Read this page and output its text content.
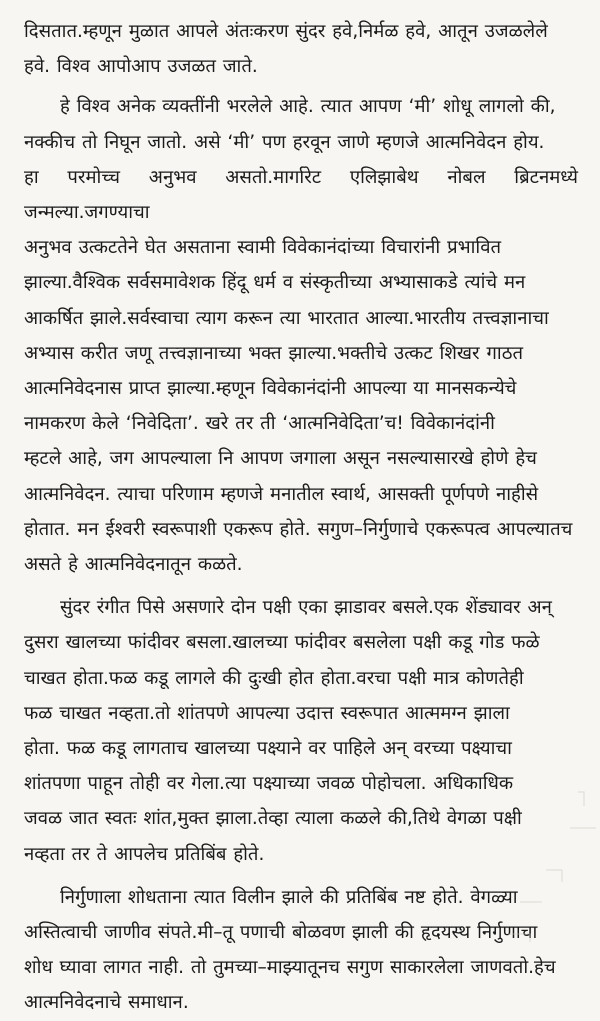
दिसतात.म्हणून मुळात आपले अंतःकरण सुंदर हवे,निर्मळ हवे, आतून उजळलेले
हवे. विश्व आपोआप उजळत जाते.

हे विश्व अनेक व्यक्तींनी भरलेले आहे. त्यात आपण ‘मी’ शोधू लागलो की,
नक्कीच तो निघून जातो. असे ‘मी’ पण हरवून जाणे म्हणजे आत्मनिवेदन होय.
हा परमोच्च अनुभव असतो.मार्गारेट एलिझाबेथ नोबल ब्रिटनमध्ये जन्मल्या.जगण्याचा
अनुभव उत्कटतेने घेत असताना स्वामी विवेकानंदांच्या विचारांनी प्रभावित
झाल्या.वैश्विक सर्वसमावेशक हिंदू धर्म व संस्कृतीच्या अभ्यासाकडे त्यांचे मन
आकर्षित झाले.सर्वस्वाचा त्याग करून त्या भारतात आल्या.भारतीय तत्त्वज्ञानाचा
अभ्यास करीत जणू तत्त्वज्ञानाच्या भक्त झाल्या.भक्तीचे उत्कट शिखर गाठत
आत्मनिवेदनास प्राप्त झाल्या.म्हणून विवेकानंदांनी आपल्या या मानसकन्येचे
नामकरण केले ‘निवेदिता’. खरे तर ती ‘आत्मनिवेदिता’च! विवेकानंदांनी
म्हटले आहे, जग आपल्याला नि आपण जगाला असून नसल्यासारखे होणे हेच
आत्मनिवेदन. त्याचा परिणाम म्हणजे मनातील स्वार्थ, आसक्ती पूर्णपणे नाहीसे
होतात. मन ईश्वरी स्वरूपाशी एकरूप होते. सगुण–निर्गुणाचे एकरूपत्व आपल्यातच
असते हे आत्मनिवेदनातून कळते.

सुंदर रंगीत पिसे असणारे दोन पक्षी एका झाडावर बसले.एक शेंड्यावर अन्
दुसरा खालच्या फांदीवर बसला.खालच्या फांदीवर बसलेला पक्षी कडू गोड फळे
चाखत होता.फळ कडू लागले की दुःखी होत होता.वरचा पक्षी मात्र कोणतेही
फळ चाखत नव्हता.तो शांतपणे आपल्या उदात्त स्वरूपात आत्ममग्न झाला
होता. फळ कडू लागताच खालच्या पक्ष्याने वर पाहिले अन् वरच्या पक्ष्याचा
शांतपणा पाहून तोही वर गेला.त्या पक्ष्याच्या जवळ पोहोचला. अधिकाधिक
जवळ जात स्वतः शांत,मुक्त झाला.तेव्हा त्याला कळले की,तिथे वेगळा पक्षी
नव्हता तर ते आपलेच प्रतिबिंब होते.

निर्गुणाला शोधताना त्यात विलीन झाले की प्रतिबिंब नष्ट होते. वेगळ्या
अस्तित्वाची जाणीव संपते.मी–तू पणाची बोळवण झाली की हृदयस्थ निर्गुणाचा
शोध घ्यावा लागत नाही. तो तुमच्या–माझ्यातूनच सगुण साकारलेला जाणवतो.हेच
आत्मनिवेदनाचे समाधान.
